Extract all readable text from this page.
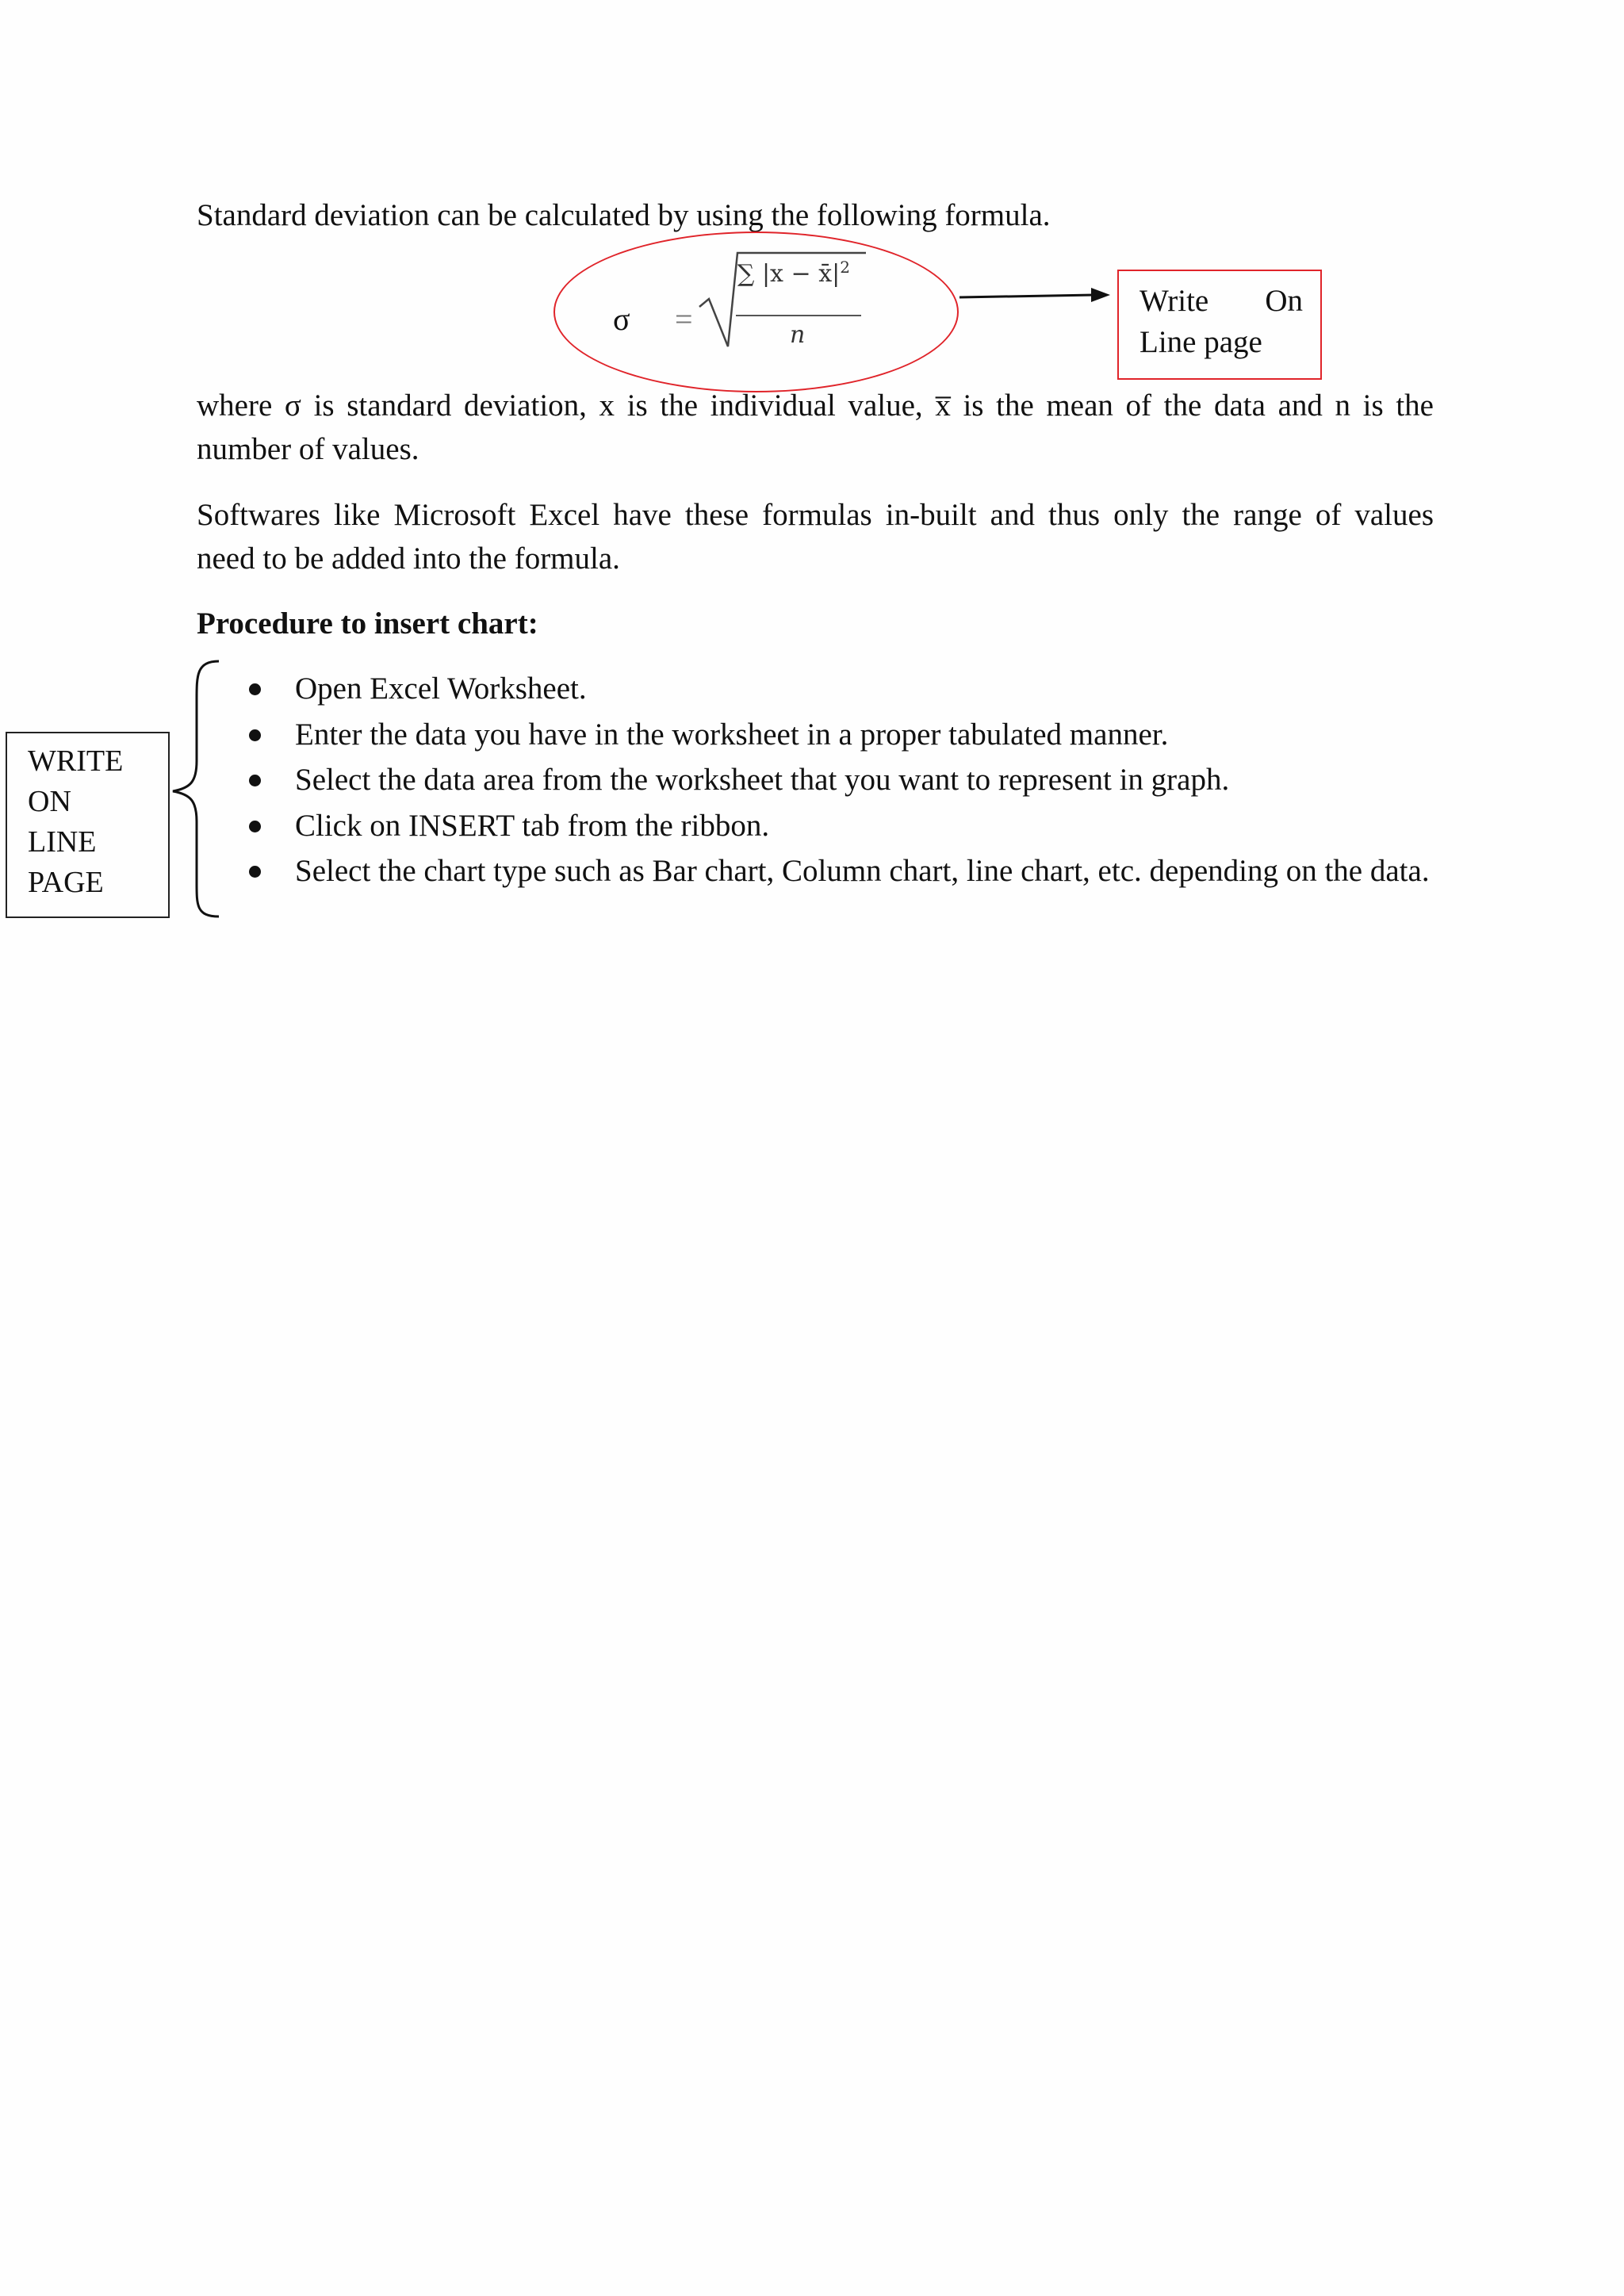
Standard deviation can be calculated by using the following formula.
σ =
∑ $|x - x̄|^2$
n
Write On
Line page
where σ is standard deviation, x is the individual value, x̅ is the mean of the data and n is the
number of values.
Softwares like Microsoft Excel have these formulas in-built and thus only the range of values
need to be added into the formula.
Procedure to insert chart:
WRITE
ON
LINE
PAGE
Open Excel Worksheet.
Enter the data you have in the worksheet in a proper tabulated manner.
Select the data area from the worksheet that you want to represent in graph.
Click on INSERT tab from the ribbon.
Select the chart type such as Bar chart, Column chart, line chart, etc. depending on the data.
